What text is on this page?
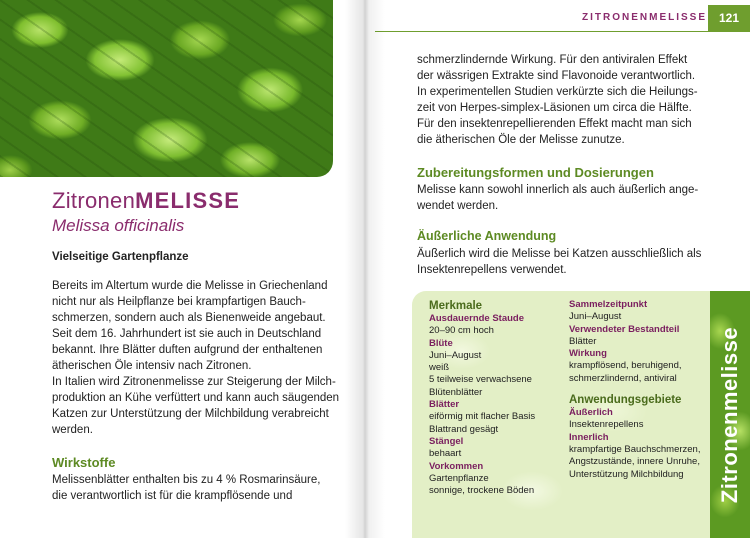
ZitronenMELISSE
Melissa officinalis
Vielseitige Gartenpflanze

Bereits im Altertum wurde die Melisse in Griechenland
nicht nur als Heilpflanze bei krampfartigen Bauch-
schmerzen, sondern auch als Bienenweide angebaut.
Seit dem 16. Jahrhundert ist sie auch in Deutschland
bekannt. Ihre Blätter duften aufgrund der enthaltenen
ätherischen Öle intensiv nach Zitronen.
In Italien wird Zitronenmelisse zur Steigerung der Milch-
produktion an Kühe verfüttert und kann auch säugenden
Katzen zur Unterstützung der Milchbildung verabreicht
werden.

Wirkstoffe

Melissenblätter enthalten bis zu 4 % Rosmarinsäure,
die verantwortlich ist für die krampflösende und

ZITRONENMELISSE 121

schmerzlindernde Wirkung. Für den antiviralen Effekt
der wässrigen Extrakte sind Flavonoide verantwortlich.
In experimentellen Studien verkürzte sich die Heilungs-
zeit von Herpes-simplex-Läsionen um circa die Hälfte.
Für den insektenrepellierenden Effekt macht man sich
die ätherischen Öle der Melisse zunutze.

Zubereitungsformen und Dosierungen

Melisse kann sowohl innerlich als auch äußerlich ange-
wendet werden.

Äußerliche Anwendung

Äußerlich wird die Melisse bei Katzen ausschließlich als
Insektenrepellens verwendet.

Merkmale
Ausdauernde Staude
20–90 cm hoch
Blüte
Juni–August
weiß
5 teilweise verwachsene
Blütenblätter
Blätter
eiförmig mit flacher Basis
Blattrand gesägt
Stängel
behaart
Vorkommen
Gartenpflanze
sonnige, trockene Böden
Sammelzeitpunkt
Juni–August
Verwendeter Bestandteil
Blätter
Wirkung
krampflösend, beruhigend,
schmerzlindernd, antiviral
Anwendungsgebiete
Äußerlich
Insektenrepellens
Innerlich
krampfartige Bauchschmerzen,
Angstzustände, innere Unruhe,
Unterstützung Milchbildung	Zitronenmelisse
